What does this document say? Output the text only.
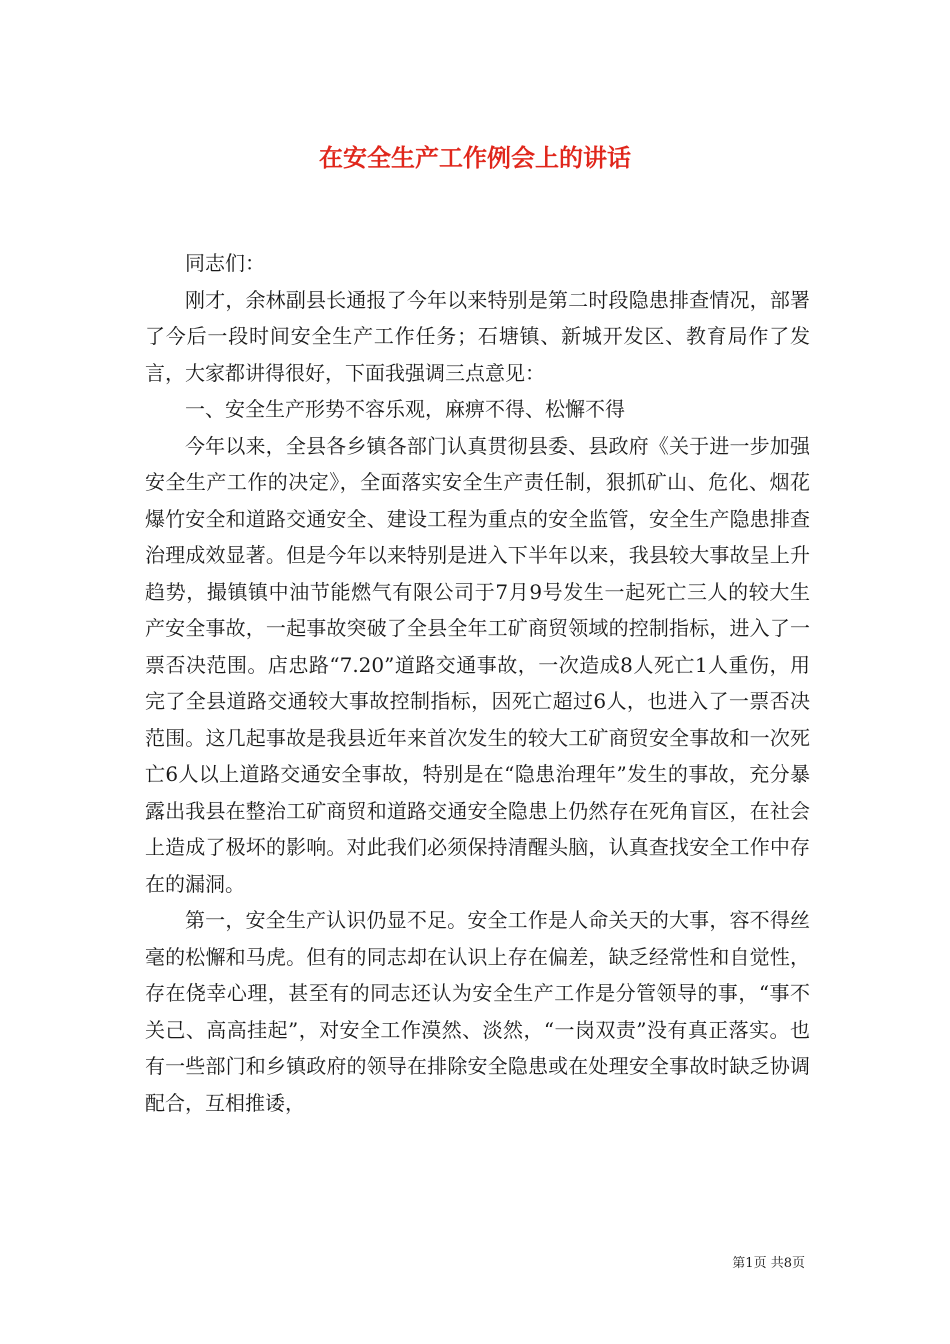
在安全生产工作例会上的讲话

同志们：

刚才，余林副县长通报了今年以来特别是第二时段隐患排查情况，部署了今后一段时间安全生产工作任务；石塘镇、新城开发区、教育局作了发言，大家都讲得很好，下面我强调三点意见：

一、安全生产形势不容乐观，麻痹不得、松懈不得

今年以来，全县各乡镇各部门认真贯彻县委、县政府《关于进一步加强安全生产工作的决定》，全面落实安全生产责任制，狠抓矿山、危化、烟花爆竹安全和道路交通安全、建设工程为重点的安全监管，安全生产隐患排查治理成效显著。但是今年以来特别是进入下半年以来，我县较大事故呈上升趋势，撮镇镇中油节能燃气有限公司于7月9号发生一起死亡三人的较大生产安全事故，一起事故突破了全县全年工矿商贸领域的控制指标，进入了一票否决范围。店忠路“7.20”道路交通事故，一次造成8人死亡1人重伤，用完了全县道路交通较大事故控制指标，因死亡超过6人，也进入了一票否决范围。这几起事故是我县近年来首次发生的较大工矿商贸安全事故和一次死亡6人以上道路交通安全事故，特别是在“隐患治理年”发生的事故，充分暴露出我县在整治工矿商贸和道路交通安全隐患上仍然存在死角盲区，在社会上造成了极坏的影响。对此我们必须保持清醒头脑，认真查找安全工作中存在的漏洞。

第一，安全生产认识仍显不足。安全工作是人命关天的大事，容不得丝毫的松懈和马虎。但有的同志却在认识上存在偏差，缺乏经常性和自觉性，存在侥幸心理，甚至有的同志还认为安全生产工作是分管领导的事，“事不关己、高高挂起”，对安全工作漠然、淡然，“一岗双责”没有真正落实。也有一些部门和乡镇政府的领导在排除安全隐患或在处理安全事故时缺乏协调配合，互相推诿，

第1页 共8页
